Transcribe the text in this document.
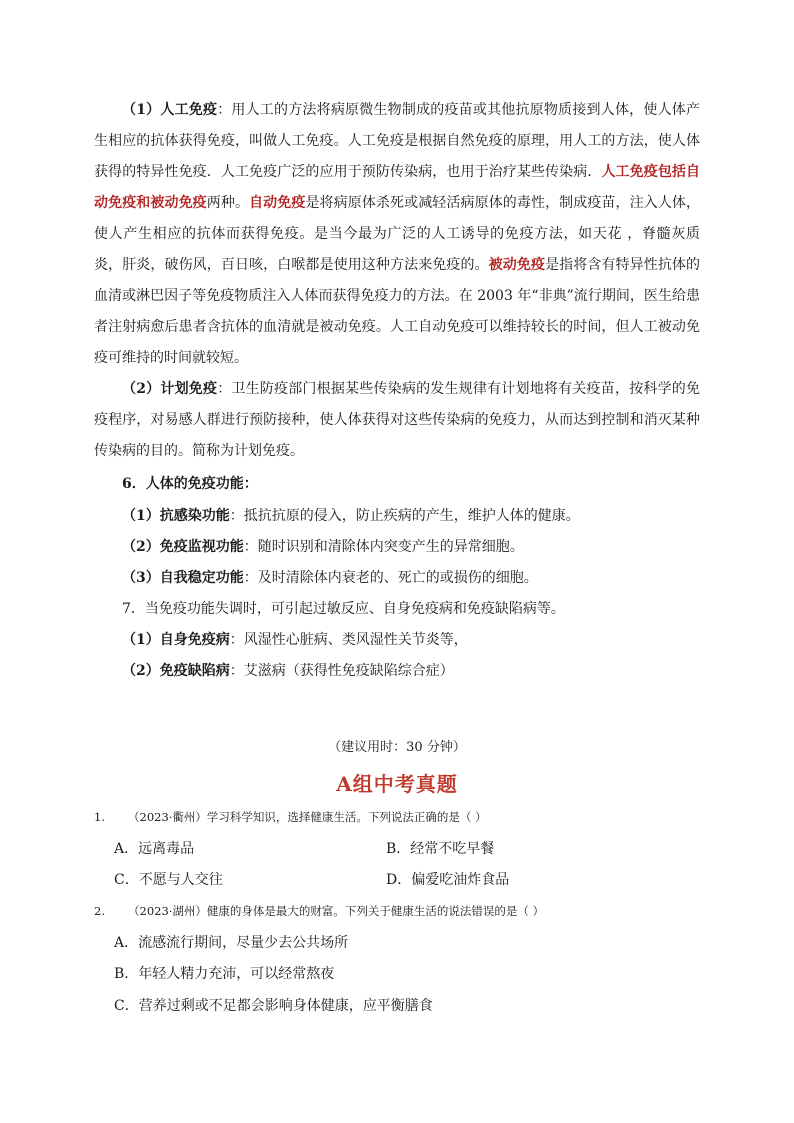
（1）人工免疫：用人工的方法将病原微生物制成的疫苗或其他抗原物质接到人体，使人体产生相应的抗体获得免疫，叫做人工免疫。人工免疫是根据自然免疫的原理，用人工的方法，使人体获得的特异性免疫．人工免疫广泛的应用于预防传染病，也用于治疗某些传染病．人工免疫包括自动免疫和被动免疫两种。自动免疫是将病原体杀死或减轻活病原体的毒性，制成疫苗，注入人体，使人产生相应的抗体而获得免疫。是当今最为广泛的人工诱导的免疫方法，如天花 ，脊髓灰质炎，肝炎，破伤风，百日咳，白喉都是使用这种方法来免疫的。被动免疫是指将含有特异性抗体的血清或淋巴因子等免疫物质注入人体而获得免疫力的方法。在 2003 年“非典”流行期间，医生给患者注射病愈后患者含抗体的血清就是被动免疫。人工自动免疫可以维持较长的时间，但人工被动免疫可维持的时间就较短。

（2）计划免疫：卫生防疫部门根据某些传染病的发生规律有计划地将有关疫苗，按科学的免疫程序，对易感人群进行预防接种，使人体获得对这些传染病的免疫力，从而达到控制和消灭某种传染病的目的。简称为计划免疫。

6．人体的免疫功能：
（1）抗感染功能：抵抗抗原的侵入，防止疾病的产生，维护人体的健康。
（2）免疫监视功能：随时识别和清除体内突变产生的异常细胞。
（3）自我稳定功能：及时清除体内衰老的、死亡的或损伤的细胞。
7．当免疫功能失调时，可引起过敏反应、自身免疫病和免疫缺陷病等。
（1）自身免疫病：风湿性心脏病、类风湿性关节炎等，
（2）免疫缺陷病：艾滋病（获得性免疫缺陷综合症）
（建议用时：30 分钟）
A组中考真题
1. （2023·衢州）学习科学知识，选择健康生活。下列说法正确的是（ ）
A．远离毒品	B．经常不吃早餐
C．不愿与人交往	D．偏爱吃油炸食品
2. （2023·湖州）健康的身体是最大的财富。下列关于健康生活的说法错误的是（ ）
A．流感流行期间，尽量少去公共场所
B．年轻人精力充沛，可以经常熬夜
C．营养过剩或不足都会影响身体健康，应平衡膳食
